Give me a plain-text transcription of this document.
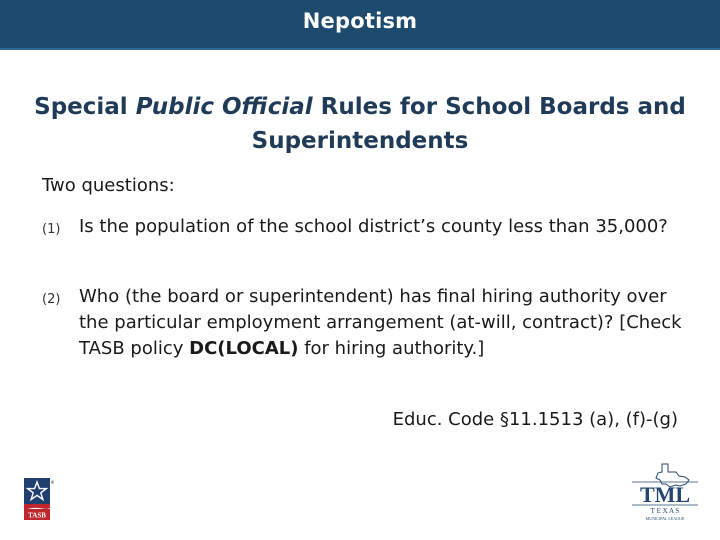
Nepotism
Special Public Official Rules for School Boards and Superintendents
Two questions:
(1) Is the population of the school district’s county less than 35,000?
(2) Who (the board or superintendent) has final hiring authority over the particular employment arrangement (at-will, contract)? [Check TASB policy DC(LOCAL) for hiring authority.]
Educ. Code §11.1513 (a), (f)-(g)
TASB
®	TML
T E X A S
MUNICIPAL LEAGUE
